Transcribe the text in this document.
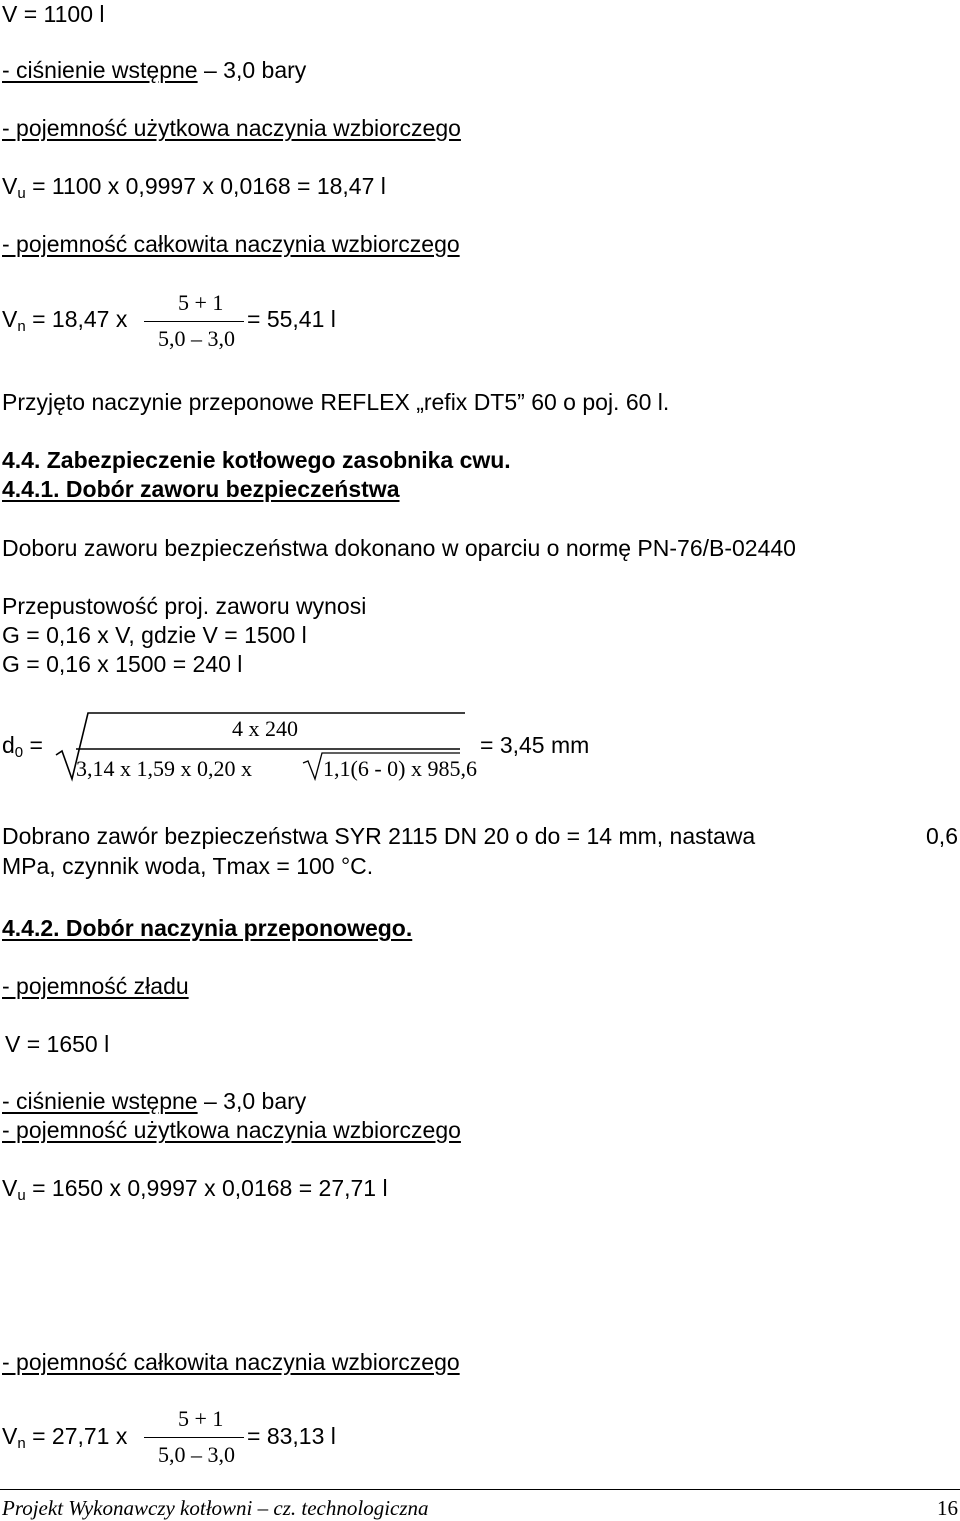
V = 1100 l
- ciśnienie wstępne – 3,0 bary
- pojemność użytkowa naczynia wzbiorczego
$V_u = 1100$ x 0,9997 x 0,0168 = 18,47 l
- pojemność całkowita naczynia wzbiorczego
$V_n = 18,47$ x
5 + 1
5,0 – 3,0
= 55,41 l
Przyjęto naczynie przeponowe REFLEX „refix DT5” 60 o poj. 60 l.
4.4. Zabezpieczenie kotłowego zasobnika cwu.
4.4.1. Dobór zaworu bezpieczeństwa
Doboru zaworu bezpieczeństwa dokonano w oparciu o normę PN-76/B-02440
Przepustowość proj. zaworu wynosi
G = 0,16 x V, gdzie V = 1500 l
G = 0,16 x 1500 = 240 l
$d_0$ =
4 x 240
3,14 x 1,59 x 0,20 x	1,1(6 - 0) x 985,6
= 3,45 mm
Dobrano zawór bezpieczeństwa SYR 2115 DN 20 o do = 14 mm, nastawa	0,6
MPa, czynnik woda, Tmax = 100 °C.
4.4.2. Dobór naczynia przeponowego.
- pojemność zładu
V = 1650 l
- ciśnienie wstępne – 3,0 bary
- pojemność użytkowa naczynia wzbiorczego
$V_u = 1650$ x 0,9997 x 0,0168 = 27,71 l
- pojemność całkowita naczynia wzbiorczego
$V_n = 27,71$ x
5 + 1
5,0 – 3,0
= 83,13 l
Projekt Wykonawczy kotłowni – cz. technologiczna	16
